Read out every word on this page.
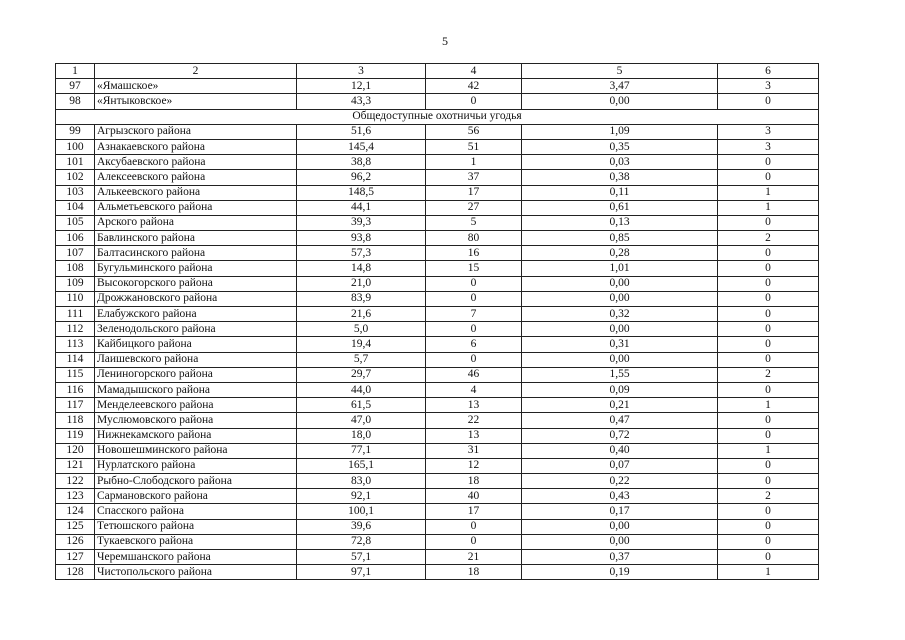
5
1	2	3	4	5	6
97	«Ямашское»	12,1	42	3,47	3
98	«Янтыковское»	43,3	0	0,00	0
Общедоступные охотничьи угодья					
99	Агрызского района	51,6	56	1,09	3
100	Азнакаевского района	145,4	51	0,35	3
101	Аксубаевского района	38,8	1	0,03	0
102	Алексеевского района	96,2	37	0,38	0
103	Алькеевского района	148,5	17	0,11	1
104	Альметьевского района	44,1	27	0,61	1
105	Арского района	39,3	5	0,13	0
106	Бавлинского района	93,8	80	0,85	2
107	Балтасинского района	57,3	16	0,28	0
108	Бугульминского района	14,8	15	1,01	0
109	Высокогорского района	21,0	0	0,00	0
110	Дрожжановского района	83,9	0	0,00	0
111	Елабужского района	21,6	7	0,32	0
112	Зеленодольского района	5,0	0	0,00	0
113	Кайбицкого района	19,4	6	0,31	0
114	Лаишевского района	5,7	0	0,00	0
115	Лениногорского района	29,7	46	1,55	2
116	Мамадышского района	44,0	4	0,09	0
117	Менделеевского района	61,5	13	0,21	1
118	Муслюмовского района	47,0	22	0,47	0
119	Нижнекамского района	18,0	13	0,72	0
120	Новошешминского района	77,1	31	0,40	1
121	Нурлатского района	165,1	12	0,07	0
122	Рыбно-Слободского района	83,0	18	0,22	0
123	Сармановского района	92,1	40	0,43	2
124	Спасского района	100,1	17	0,17	0
125	Тетюшского района	39,6	0	0,00	0
126	Тукаевского района	72,8	0	0,00	0
127	Черемшанского района	57,1	21	0,37	0
128	Чистопольского района	97,1	18	0,19	1
